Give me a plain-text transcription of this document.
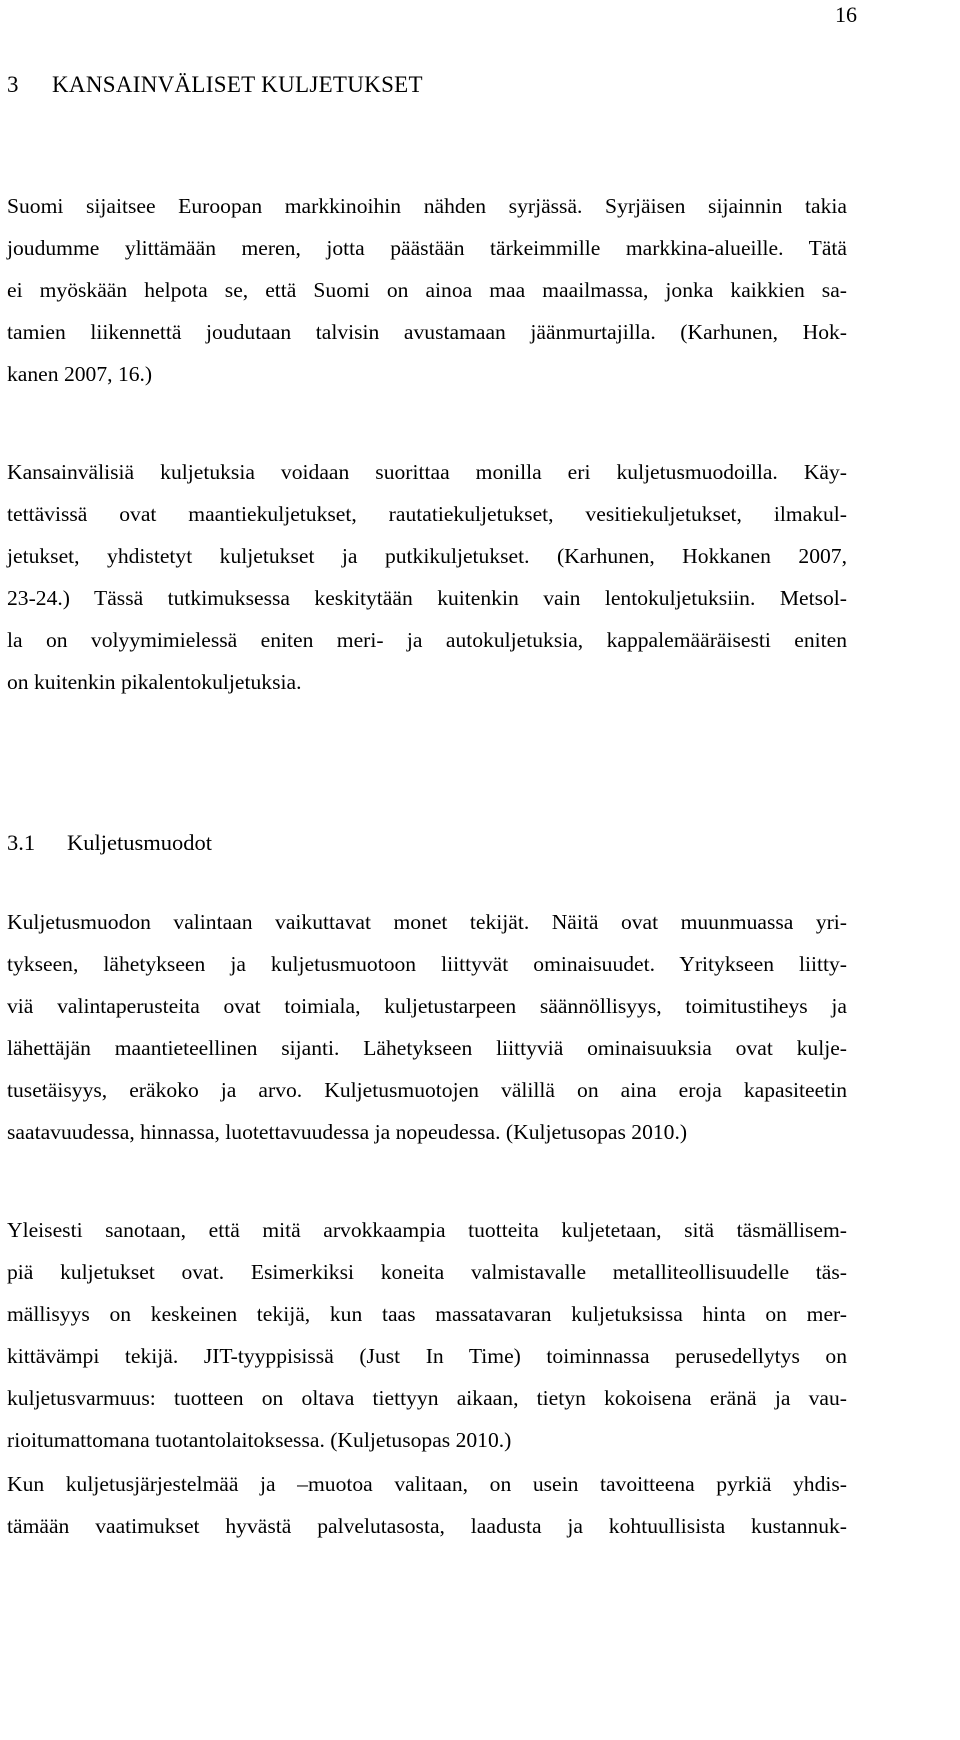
16
3 KANSAINVÄLISET KULJETUKSET
Suomi sijaitsee Euroopan markkinoihin nähden syrjässä. Syrjäisen sijainnin takia
joudumme ylittämään meren, jotta päästään tärkeimmille markkina-alueille. Tätä
ei myöskään helpota se, että Suomi on ainoa maa maailmassa, jonka kaikkien sa-
tamien liikennettä joudutaan talvisin avustamaan jäänmurtajilla. (Karhunen, Hok-
kanen 2007, 16.)
Kansainvälisiä kuljetuksia voidaan suorittaa monilla eri kuljetusmuodoilla. Käy-
tettävissä ovat maantiekuljetukset, rautatiekuljetukset, vesitiekuljetukset, ilmakul-
jetukset, yhdistetyt kuljetukset ja putkikuljetukset. (Karhunen, Hokkanen 2007,
23-24.) Tässä tutkimuksessa keskitytään kuitenkin vain lentokuljetuksiin. Metsol-
la on volyymimielessä eniten meri- ja autokuljetuksia, kappalemääräisesti eniten
on kuitenkin pikalentokuljetuksia.
3.1 Kuljetusmuodot
Kuljetusmuodon valintaan vaikuttavat monet tekijät. Näitä ovat muunmuassa yri-
tykseen, lähetykseen ja kuljetusmuotoon liittyvät ominaisuudet. Yritykseen liitty-
viä valintaperusteita ovat toimiala, kuljetustarpeen säännöllisyys, toimitustiheys ja
lähettäjän maantieteellinen sijanti. Lähetykseen liittyviä ominaisuuksia ovat kulje-
tusetäisyys, eräkoko ja arvo. Kuljetusmuotojen välillä on aina eroja kapasiteetin
saatavuudessa, hinnassa, luotettavuudessa ja nopeudessa. (Kuljetusopas 2010.)
Yleisesti sanotaan, että mitä arvokkaampia tuotteita kuljetetaan, sitä täsmällisem-
piä kuljetukset ovat. Esimerkiksi koneita valmistavalle metalliteollisuudelle täs-
mällisyys on keskeinen tekijä, kun taas massatavaran kuljetuksissa hinta on mer-
kittävämpi tekijä. JIT-tyyppisissä (Just In Time) toiminnassa perusedellytys on
kuljetusvarmuus: tuotteen on oltava tiettyyn aikaan, tietyn kokoisena eränä ja vau-
rioitumattomana tuotantolaitoksessa. (Kuljetusopas 2010.)
Kun kuljetusjärjestelmää ja –muotoa valitaan, on usein tavoitteena pyrkiä yhdis-
tämään vaatimukset hyvästä palvelutasosta, laadusta ja kohtuullisista kustannuk-
